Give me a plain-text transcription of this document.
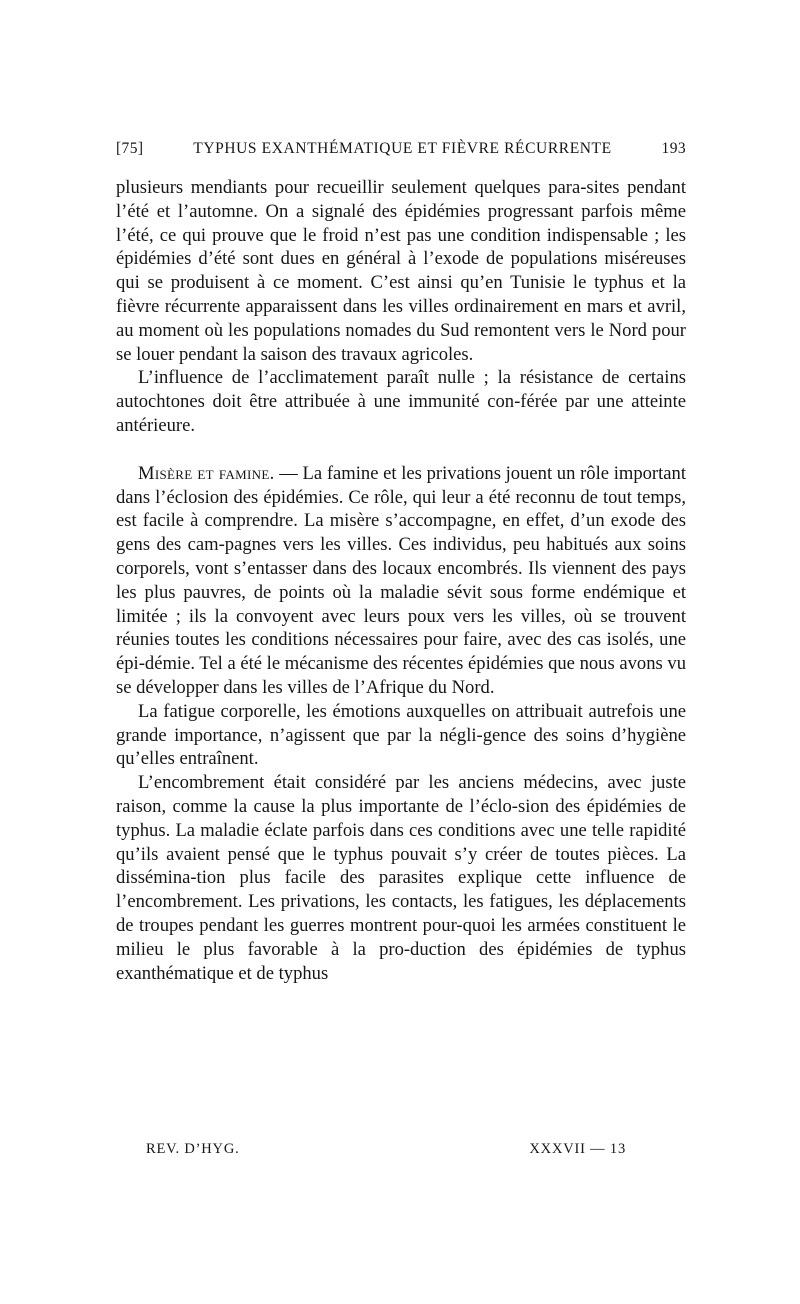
[75]	TYPHUS EXANTHÉMATIQUE ET FIÈVRE RÉCURRENTE	193

plusieurs mendiants pour recueillir seulement quelques para-sites pendant l’été et l’automne. On a signalé des épidémies progressant parfois même l’été, ce qui prouve que le froid n’est pas une condition indispensable ; les épidémies d’été sont dues en général à l’exode de populations miséreuses qui se produisent à ce moment. C’est ainsi qu’en Tunisie le typhus et la fièvre récurrente apparaissent dans les villes ordinairement en mars et avril, au moment où les populations nomades du Sud remontent vers le Nord pour se louer pendant la saison des travaux agricoles.

L’influence de l’acclimatement paraît nulle ; la résistance de certains autochtones doit être attribuée à une immunité con-férée par une atteinte antérieure.

Misère et famine. — La famine et les privations jouent un rôle important dans l’éclosion des épidémies. Ce rôle, qui leur a été reconnu de tout temps, est facile à comprendre. La misère s’accompagne, en effet, d’un exode des gens des cam-pagnes vers les villes. Ces individus, peu habitués aux soins corporels, vont s’entasser dans des locaux encombrés. Ils viennent des pays les plus pauvres, de points où la maladie sévit sous forme endémique et limitée ; ils la convoyent avec leurs poux vers les villes, où se trouvent réunies toutes les conditions nécessaires pour faire, avec des cas isolés, une épi-démie. Tel a été le mécanisme des récentes épidémies que nous avons vu se développer dans les villes de l’Afrique du Nord.

La fatigue corporelle, les émotions auxquelles on attribuait autrefois une grande importance, n’agissent que par la négli-gence des soins d’hygiène qu’elles entraînent.

L’encombrement était considéré par les anciens médecins, avec juste raison, comme la cause la plus importante de l’éclo-sion des épidémies de typhus. La maladie éclate parfois dans ces conditions avec une telle rapidité qu’ils avaient pensé que le typhus pouvait s’y créer de toutes pièces. La dissémina-tion plus facile des parasites explique cette influence de l’encombrement. Les privations, les contacts, les fatigues, les déplacements de troupes pendant les guerres montrent pour-quoi les armées constituent le milieu le plus favorable à la pro-duction des épidémies de typhus exanthématique et de typhus

REV. D’HYG.	XXXVII — 13
